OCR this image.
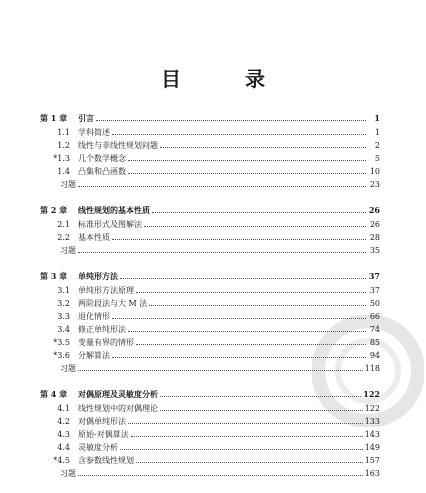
目　录
第 1 章	引言	1
1.1	学科简述	1
1.2	线性与非线性规划问题	2
*1.3	几个数学概念	5
1.4	凸集和凸函数	10
习题	23
第 2 章	线性规划的基本性质	26
2.1	标准形式及图解法	26
2.2	基本性质	28
习题	35
第 3 章	单纯形方法	37
3.1	单纯形方法原理	37
3.2	两阶段法与大 M 法	50
3.3	退化情形	66
3.4	修正单纯形法	74
*3.5	变量有界的情形	85
*3.6	分解算法	94
习题	118
第 4 章	对偶原理及灵敏度分析	122
4.1	线性规划中的对偶理论	122
4.2	对偶单纯形法	133
4.3	原始-对偶算法	143
4.4	灵敏度分析	149
*4.5	含参数线性规划	157
习题	163
